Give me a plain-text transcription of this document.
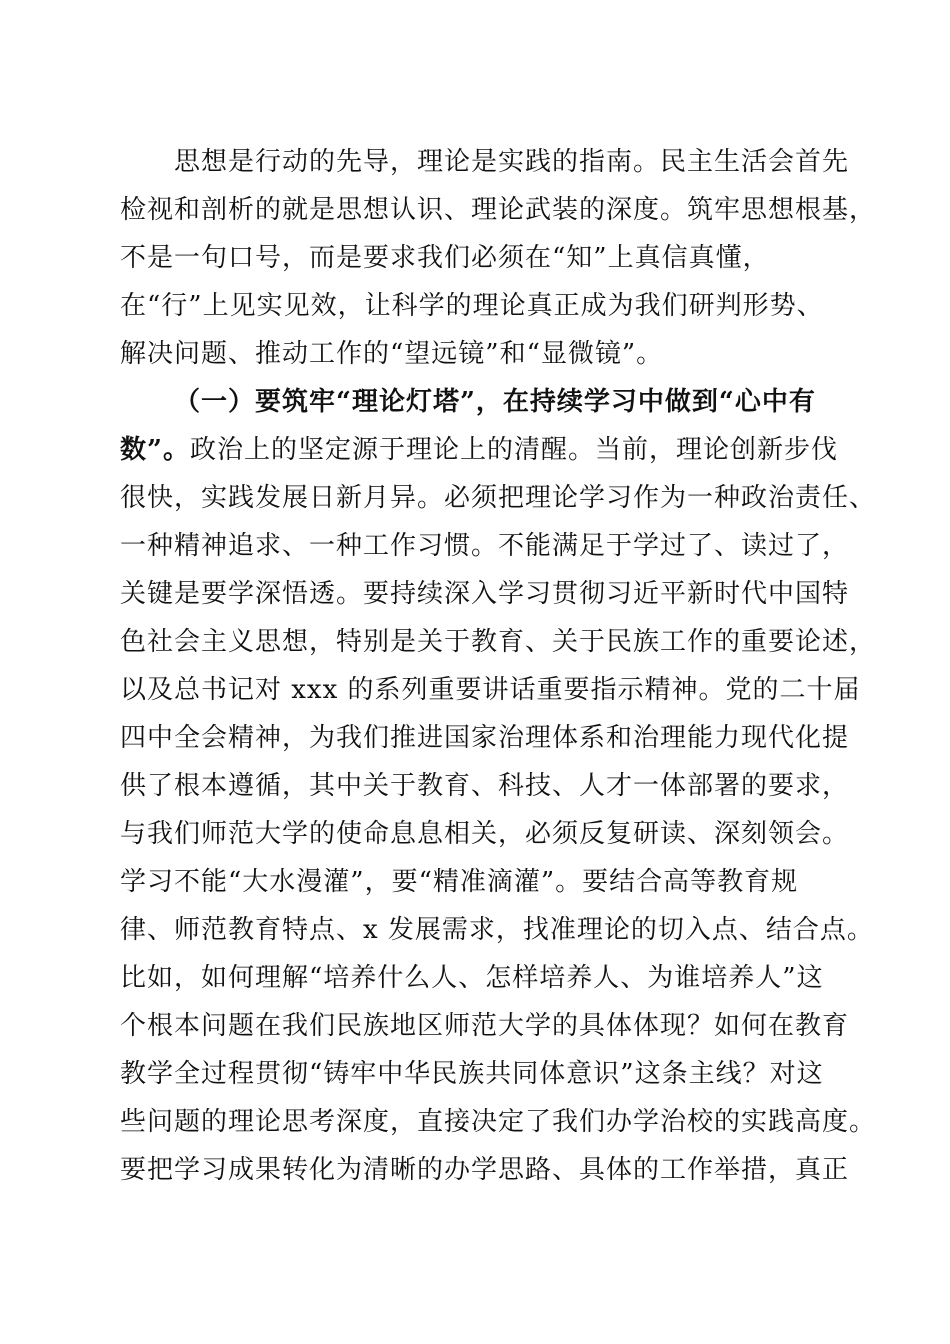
思想是行动的先导，理论是实践的指南。民主生活会首先
检视和剖析的就是思想认识、理论武装的深度。筑牢思想根基，
不是一句口号，而是要求我们必须在“知”上真信真懂，
在“行”上见实见效，让科学的理论真正成为我们研判形势、
解决问题、推动工作的“望远镜”和“显微镜”。
（一）要筑牢“理论灯塔”，在持续学习中做到“心中有
数”。政治上的坚定源于理论上的清醒。当前，理论创新步伐
很快，实践发展日新月异。必须把理论学习作为一种政治责任、
一种精神追求、一种工作习惯。不能满足于学过了、读过了，
关键是要学深悟透。要持续深入学习贯彻习近平新时代中国特
色社会主义思想，特别是关于教育、关于民族工作的重要论述，
以及总书记对 xxx 的系列重要讲话重要指示精神。党的二十届
四中全会精神，为我们推进国家治理体系和治理能力现代化提
供了根本遵循，其中关于教育、科技、人才一体部署的要求，
与我们师范大学的使命息息相关，必须反复研读、深刻领会。
学习不能“大水漫灌”，要“精准滴灌”。要结合高等教育规
律、师范教育特点、x 发展需求，找准理论的切入点、结合点。
比如，如何理解“培养什么人、怎样培养人、为谁培养人”这
个根本问题在我们民族地区师范大学的具体体现？如何在教育
教学全过程贯彻“铸牢中华民族共同体意识”这条主线？对这
些问题的理论思考深度，直接决定了我们办学治校的实践高度。
要把学习成果转化为清晰的办学思路、具体的工作举措，真正
